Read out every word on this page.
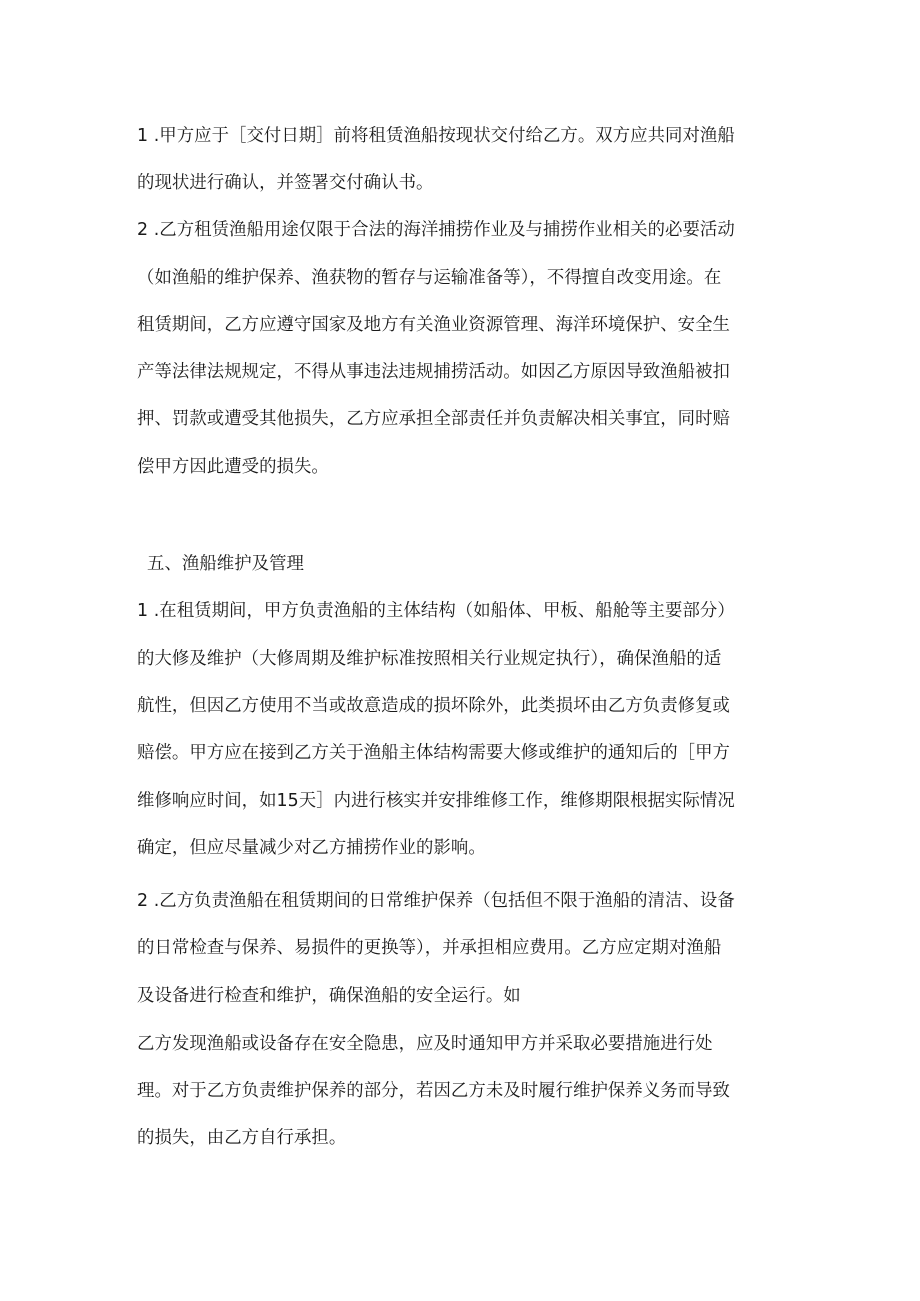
1 .甲方应于［交付日期］前将租赁渔船按现状交付给乙方。双方应共同对渔船
的现状进行确认，并签署交付确认书。
2 .乙方租赁渔船用途仅限于合法的海洋捕捞作业及与捕捞作业相关的必要活动
（如渔船的维护保养、渔获物的暂存与运输准备等），不得擅自改变用途。在
租赁期间，乙方应遵守国家及地方有关渔业资源管理、海洋环境保护、安全生
产等法律法规规定，不得从事违法违规捕捞活动。如因乙方原因导致渔船被扣
押、罚款或遭受其他损失，乙方应承担全部责任并负责解决相关事宜，同时赔
偿甲方因此遭受的损失。
五、渔船维护及管理
1 .在租赁期间，甲方负责渔船的主体结构（如船体、甲板、船舱等主要部分）
的大修及维护（大修周期及维护标准按照相关行业规定执行），确保渔船的适
航性，但因乙方使用不当或故意造成的损坏除外，此类损坏由乙方负责修复或
赔偿。甲方应在接到乙方关于渔船主体结构需要大修或维护的通知后的［甲方
维修响应时间，如15天］内进行核实并安排维修工作，维修期限根据实际情况
确定，但应尽量减少对乙方捕捞作业的影响。
2 .乙方负责渔船在租赁期间的日常维护保养（包括但不限于渔船的清洁、设备
的日常检查与保养、易损件的更换等），并承担相应费用。乙方应定期对渔船
及设备进行检查和维护，确保渔船的安全运行。如
乙方发现渔船或设备存在安全隐患，应及时通知甲方并采取必要措施进行处
理。对于乙方负责维护保养的部分，若因乙方未及时履行维护保养义务而导致
的损失，由乙方自行承担。
